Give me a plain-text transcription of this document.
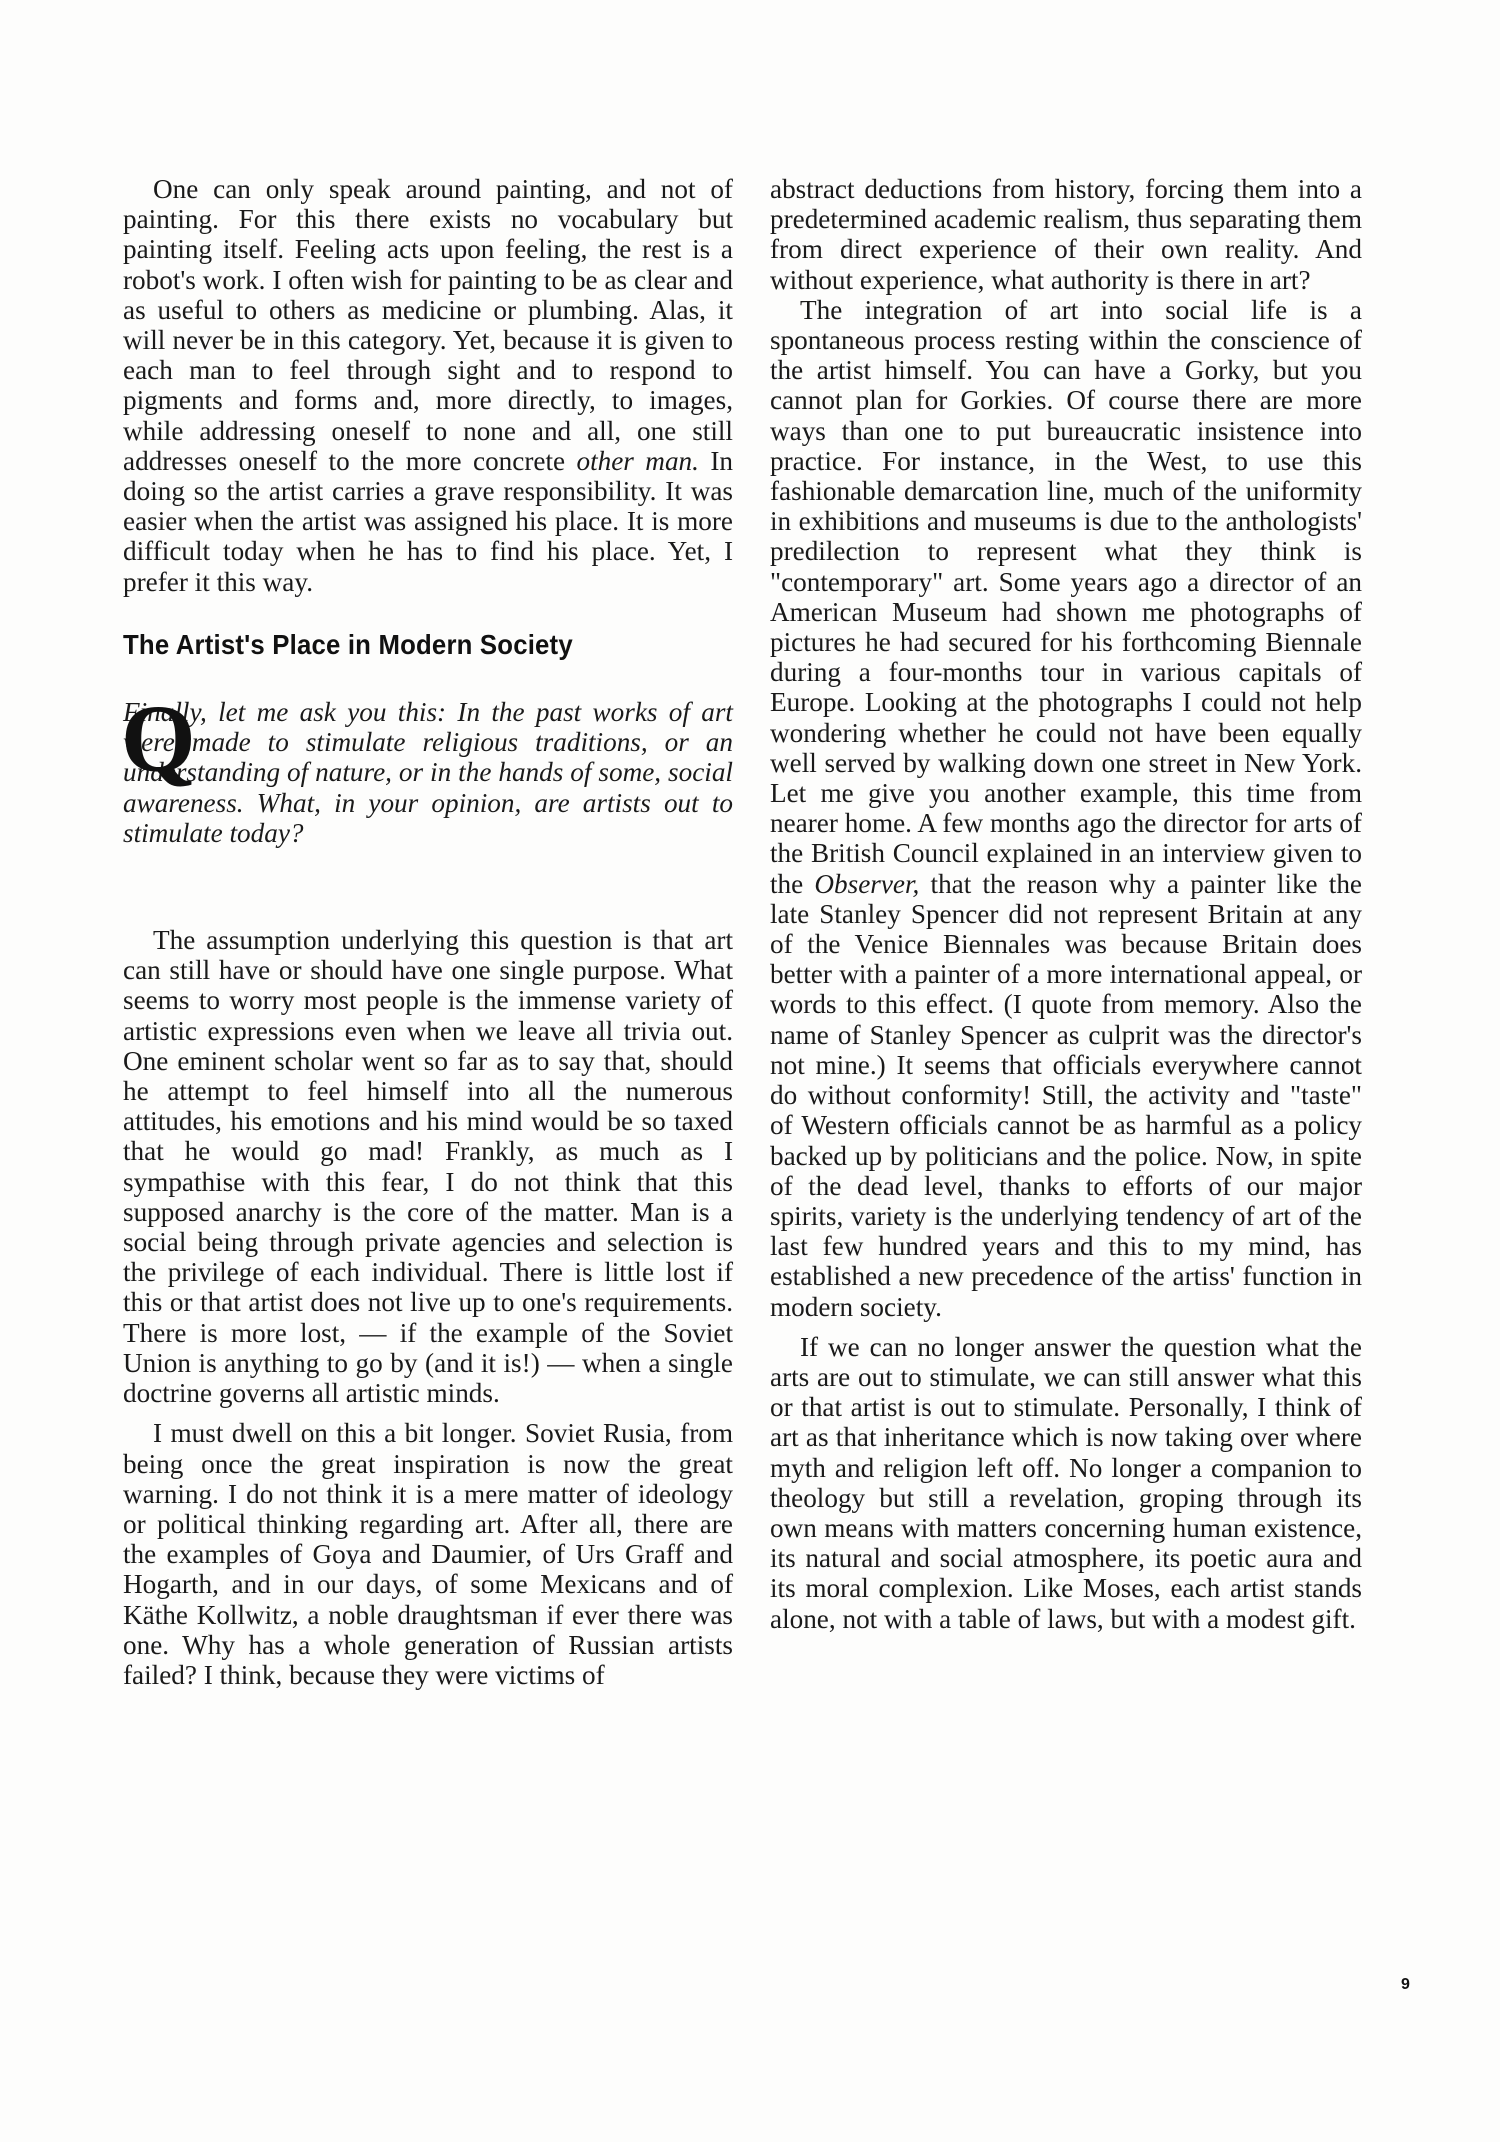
One can only speak around painting, and not of painting. For this there exists no vocabulary but painting itself. Feeling acts upon feeling, the rest is a robot's work. I often wish for painting to be as clear and as useful to others as medicine or plumbing. Alas, it will never be in this category. Yet, because it is given to each man to feel through sight and to respond to pigments and forms and, more directly, to images, while addressing oneself to none and all, one still addresses oneself to the more concrete other man. In doing so the artist carries a grave responsibility. It was easier when the artist was assigned his place. It is more difficult today when he has to find his place. Yet, I prefer it this way.

The Artist's Place in Modern Society
Q

Finally, let me ask you this: In the past works of art were made to stimulate religious traditions, or an understanding of nature, or in the hands of some, social awareness. What, in your opinion, are artists out to stimulate today?

The assumption underlying this question is that art can still have or should have one single purpose. What seems to worry most people is the immense variety of artistic expressions even when we leave all trivia out. One eminent scholar went so far as to say that, should he attempt to feel himself into all the numerous attitudes, his emotions and his mind would be so taxed that he would go mad! Frankly, as much as I sympathise with this fear, I do not think that this supposed anarchy is the core of the matter. Man is a social being through private agencies and selection is the privilege of each individual. There is little lost if this or that artist does not live up to one's requirements. There is more lost, — if the example of the Soviet Union is anything to go by (and it is!) — when a single doctrine governs all artistic minds.

I must dwell on this a bit longer. Soviet Rusia, from being once the great inspiration is now the great warning. I do not think it is a mere matter of ideology or political thinking regarding art. After all, there are the examples of Goya and Daumier, of Urs Graff and Hogarth, and in our days, of some Mexicans and of Käthe Kollwitz, a noble draughtsman if ever there was one. Why has a whole generation of Russian artists failed? I think, because they were victims of

abstract deductions from history, forcing them into a predetermined academic realism, thus separating them from direct experience of their own reality. And without experience, what authority is there in art?

The integration of art into social life is a spontaneous process resting within the conscience of the artist himself. You can have a Gorky, but you cannot plan for Gorkies. Of course there are more ways than one to put bureaucratic insistence into practice. For instance, in the West, to use this fashionable demarcation line, much of the uniformity in exhibitions and museums is due to the anthologists' predilection to represent what they think is "contemporary" art. Some years ago a director of an American Museum had shown me photographs of pictures he had secured for his forthcoming Biennale during a four-months tour in various capitals of Europe. Looking at the photographs I could not help wondering whether he could not have been equally well served by walking down one street in New York. Let me give you another example, this time from nearer home. A few months ago the director for arts of the British Council explained in an interview given to the Observer, that the reason why a painter like the late Stanley Spencer did not represent Britain at any of the Venice Biennales was because Britain does better with a painter of a more international appeal, or words to this effect. (I quote from memory. Also the name of Stanley Spencer as culprit was the director's not mine.) It seems that officials everywhere cannot do without conformity! Still, the activity and "taste" of Western officials cannot be as harmful as a policy backed up by politicians and the police. Now, in spite of the dead level, thanks to efforts of our major spirits, variety is the underlying tendency of art of the last few hundred years and this to my mind, has established a new precedence of the artiss' function in modern society.

If we can no longer answer the question what the arts are out to stimulate, we can still answer what this or that artist is out to stimulate. Personally, I think of art as that inheritance which is now taking over where myth and religion left off. No longer a companion to theology but still a revelation, groping through its own means with matters concerning human existence, its natural and social atmosphere, its poetic aura and its moral complexion. Like Moses, each artist stands alone, not with a table of laws, but with a modest gift.

9
